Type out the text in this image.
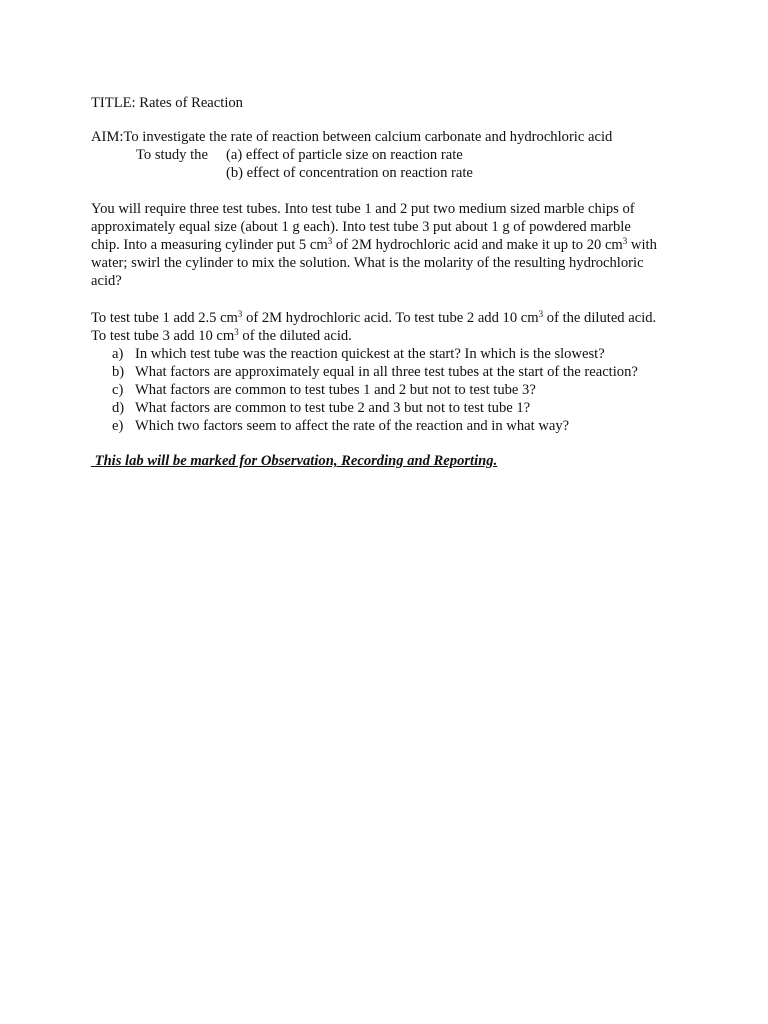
TITLE: Rates of Reaction
AIM:To investigate the rate of reaction between calcium carbonate and hydrochloric acid
To study the (a) effect of particle size on reaction rate
(b) effect of concentration on reaction rate
You will require three test tubes. Into test tube 1 and 2 put two medium sized marble chips of
approximately equal size (about 1 g each). Into test tube 3 put about 1 g of powdered marble
chip. Into a measuring cylinder put 5 $cm^3$ of 2M hydrochloric acid and make it up to 20 $cm^3$ with
water; swirl the cylinder to mix the solution. What is the molarity of the resulting hydrochloric
acid?
To test tube 1 add 2.5 $cm^3$ of 2M hydrochloric acid. To test tube 2 add 10 $cm^3$ of the diluted acid.
To test tube 3 add 10 $cm^3$ of the diluted acid.
a) In which test tube was the reaction quickest at the start? In which is the slowest?
b) What factors are approximately equal in all three test tubes at the start of the reaction?
c) What factors are common to test tubes 1 and 2 but not to test tube 3?
d) What factors are common to test tube 2 and 3 but not to test tube 1?
e) Which two factors seem to affect the rate of the reaction and in what way?
This lab will be marked for Observation, Recording and Reporting.
